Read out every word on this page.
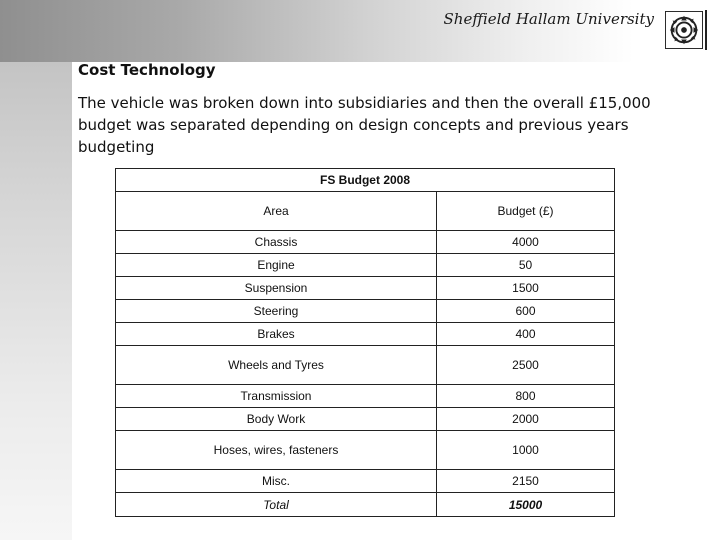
Sheffield Hallam University
Cost Technology
The vehicle was broken down into subsidiaries and then the overall £15,000 budget was separated depending on design concepts and previous years budgeting
FS Budget 2008	
Area	Budget (£)
Chassis	4000
Engine	50
Suspension	1500
Steering	600
Brakes	400
Wheels and Tyres	2500
Transmission	800
Body Work	2000
Hoses, wires, fasteners	1000
Misc.	2150
Total	15000
